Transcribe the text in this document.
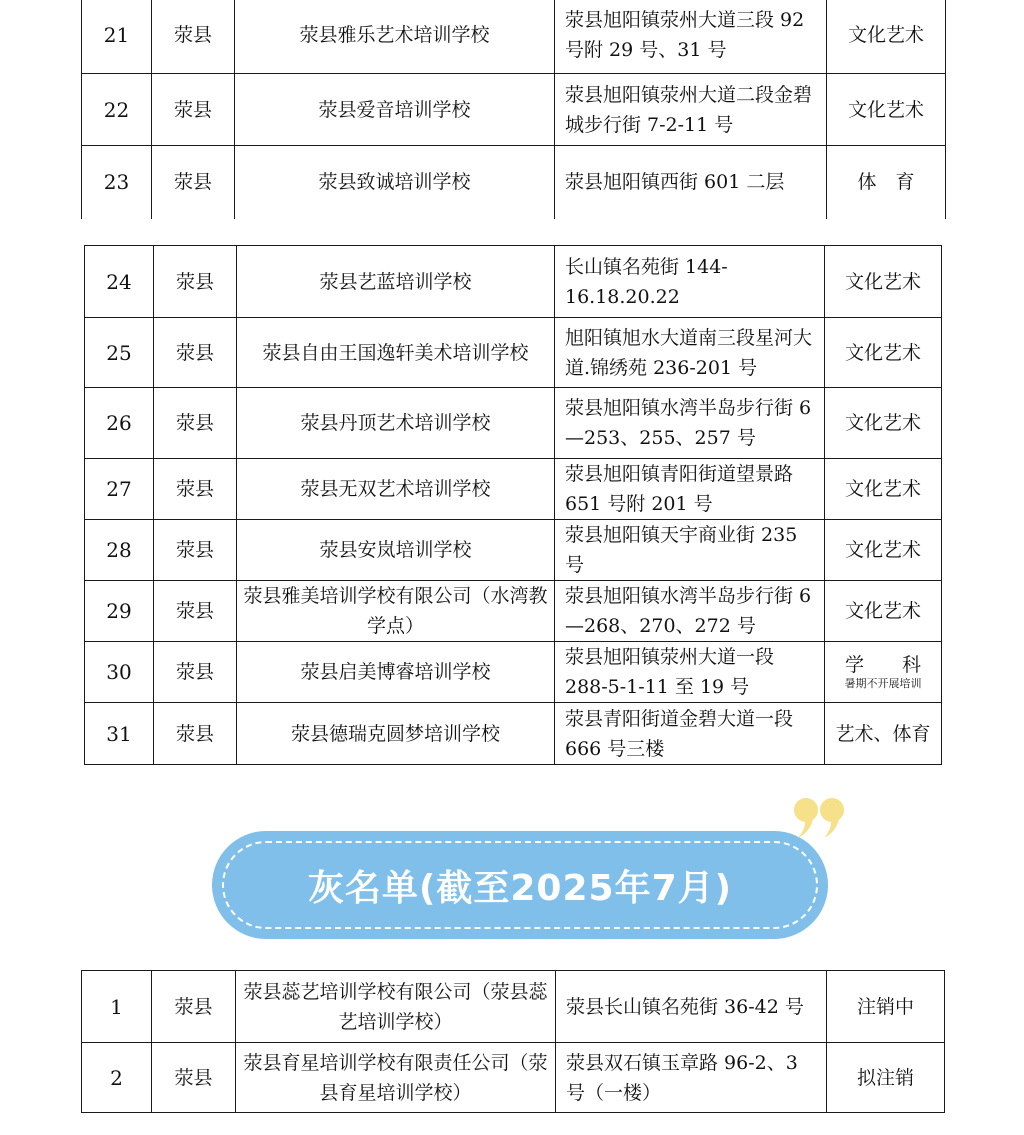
21	荥县	荥县雅乐艺术培训学校	荥县旭阳镇荥州大道三段 92 号附 29 号、31 号	文化艺术
22	荥县	荥县爱音培训学校	荥县旭阳镇荥州大道二段金碧城步行街 7-2-11 号	文化艺术
23	荥县	荥县致诚培训学校	荥县旭阳镇西街 601 二层	体　育
24	荥县	荥县艺蓝培训学校	长山镇名苑街 144-16.18.20.22	文化艺术
25	荥县	荥县自由王国逸轩美术培训学校	旭阳镇旭水大道南三段星河大道.锦绣苑 236-201 号	文化艺术
26	荥县	荥县丹顶艺术培训学校	荥县旭阳镇水湾半岛步行街 6—253、255、257 号	文化艺术
27	荥县	荥县无双艺术培训学校	荥县旭阳镇青阳街道望景路 651 号附 201 号	文化艺术
28	荥县	荥县安岚培训学校	荥县旭阳镇天宇商业街 235 号	文化艺术
29	荥县	荥县雅美培训学校有限公司（水湾教学点）	荥县旭阳镇水湾半岛步行街 6—268、270、272 号	文化艺术
30	荥县	荥县启美博睿培训学校	荥县旭阳镇荥州大道一段 288-5-1-11 至 19 号	学　　科
暑期不开展培训

31	荥县	荥县德瑞克圆梦培训学校	荥县青阳街道金碧大道一段 666 号三楼	艺术、体育
灰名单(截至2025年7月)
1	荥县	荥县蕊艺培训学校有限公司（荥县蕊艺培训学校）	荥县长山镇名苑街 36-42 号	注销中
2	荥县	荥县育星培训学校有限责任公司（荥县育星培训学校）	荥县双石镇玉章路 96-2、3 号（一楼）	拟注销
